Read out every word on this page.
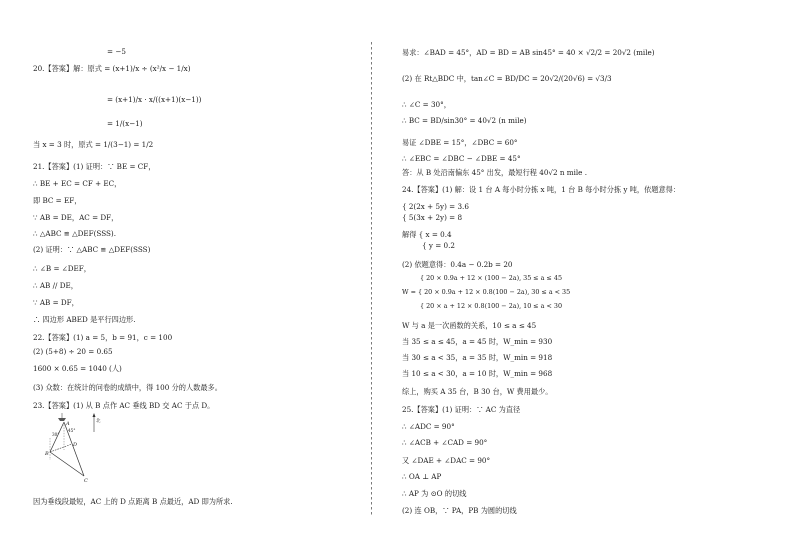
= −5
20.【答案】解：原式 = (x+1)/x ÷ (x²/x − 1/x)
= (x+1)/x · x/((x+1)(x−1))
= 1/(x−1)
当 x = 3 时，原式 = 1/(3−1) = 1/2
21.【答案】(1) 证明：∵ BE = CF，
∴ BE + EC = CF + EC，
即 BC = EF，
∵ AB = DE，AC = DF，
∴ △ABC ≌ △DEF(SSS).
(2) 证明：∵ △ABC ≌ △DEF(SSS)
∴ ∠B = ∠DEF，
∴ AB // DE，
∵ AB = DF，
∴ 四边形 ABED 是平行四边形.
22.【答案】(1) a = 5，b = 91，c = 100
(2) (5+8) ÷ 20 = 0.65
1600 × 0.65 = 1040 (人)
(3) 众数：在统计的问卷的成绩中，得 100 分的人数最多。
23.【答案】(1) 从 B 点作 AC 垂线 BD 交 AC 于点 D。
北
A
D
B
C
30°
45°
因为垂线段最短，AC 上的 D 点距离 B 点最近，AD 即为所求.
易求：∠BAD = 45°，AD = BD = AB sin45° = 40 × √2/2 = 20√2 (mile)
(2) 在 Rt△BDC 中，tan∠C = BD/DC = 20√2/(20√6) = √3/3
∴ ∠C = 30°，
∴ BC = BD/sin30° = 40√2 (n mile)
易证 ∠DBE = 15°，∠DBC = 60°
∴ ∠EBC = ∠DBC − ∠DBE = 45°
答：从 B 处沿南偏东 45° 出发，最短行程 40√2 n mile .
24.【答案】(1) 解：设 1 台 A 每小时分拣 x 吨，1 台 B 每小时分拣 y 吨，依题意得：
{ 2(2x + 5y) = 3.6
{ 5(3x + 2y) = 8
解得 { x = 0.4
{ y = 0.2
(2) 依题意得：0.4a − 0.2b = 20
{ 20 × 0.9a + 12 × (100 − 2a), 35 ≤ a ≤ 45
W = { 20 × 0.9a + 12 × 0.8(100 − 2a), 30 ≤ a < 35
{ 20 × a + 12 × 0.8(100 − 2a), 10 ≤ a < 30
W 与 a 是一次函数的关系，10 ≤ a ≤ 45
当 35 ≤ a ≤ 45，a = 45 时，W_min = 930
当 30 ≤ a < 35，a = 35 时，W_min = 918
当 10 ≤ a < 30，a = 10 时，W_min = 968
综上，购买 A 35 台，B 30 台，W 费用最少。
25.【答案】(1) 证明：∵ AC 为直径
∴ ∠ADC = 90°
∴ ∠ACB + ∠CAD = 90°
又 ∠DAE + ∠DAC = 90°
∴ OA ⊥ AP
∴ AP 为 ⊙O 的切线
(2) 连 OB，∵ PA，PB 为圆的切线
